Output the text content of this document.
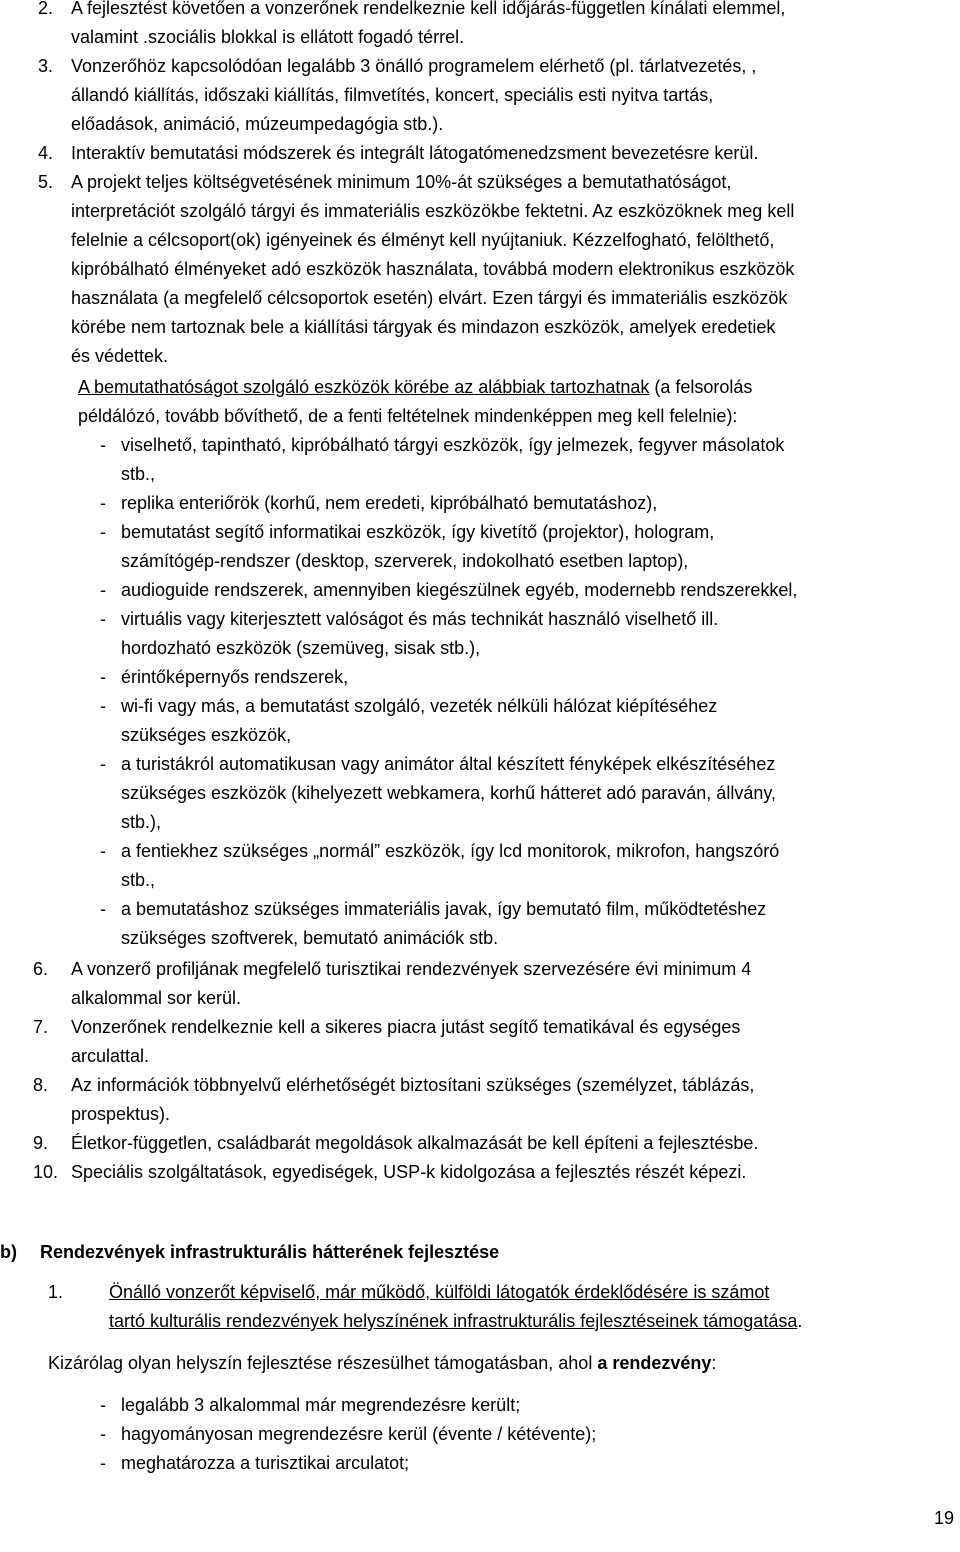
2. A fejlesztést követően a vonzerőnek rendelkeznie kell időjárás-független kínálati elemmel,
valamint .szociális blokkal is ellátott fogadó térrel.
3. Vonzerőhöz kapcsolódóan legalább 3 önálló programelem elérhető (pl. tárlatvezetés, ,
állandó kiállítás, időszaki kiállítás, filmvetítés, koncert, speciális esti nyitva tartás,
előadások, animáció, múzeumpedagógia stb.).
4. Interaktív bemutatási módszerek és integrált látogatómenedzsment bevezetésre kerül.
5. A projekt teljes költségvetésének minimum 10%-át szükséges a bemutathatóságot,
interpretációt szolgáló tárgyi és immateriális eszközökbe fektetni. Az eszközöknek meg kell
felelnie a célcsoport(ok) igényeinek és élményt kell nyújtaniuk. Kézzelfogható, felölthető,
kipróbálható élményeket adó eszközök használata, továbbá modern elektronikus eszközök
használata (a megfelelő célcsoportok esetén) elvárt. Ezen tárgyi és immateriális eszközök
körébe nem tartoznak bele a kiállítási tárgyak és mindazon eszközök, amelyek eredetiek
és védettek.
A bemutathatóságot szolgáló eszközök körébe az alábbiak tartozhatnak (a felsorolás
példálózó, tovább bővíthető, de a fenti feltételnek mindenképpen meg kell felelnie):
- viselhető, tapintható, kipróbálható tárgyi eszközök, így jelmezek, fegyver másolatok
stb.,
- replika enteriőrök (korhű, nem eredeti, kipróbálható bemutatáshoz),
- bemutatást segítő informatikai eszközök, így kivetítő (projektor), hologram,
számítógép-rendszer (desktop, szerverek, indokolható esetben laptop),
- audioguide rendszerek, amennyiben kiegészülnek egyéb, modernebb rendszerekkel,
- virtuális vagy kiterjesztett valóságot és más technikát használó viselhető ill.
hordozható eszközök (szemüveg, sisak stb.),
- érintőképernyős rendszerek,
- wi-fi vagy más, a bemutatást szolgáló, vezeték nélküli hálózat kiépítéséhez
szükséges eszközök,
- a turistákról automatikusan vagy animátor által készített fényképek elkészítéséhez
szükséges eszközök (kihelyezett webkamera, korhű hátteret adó paraván, állvány,
stb.),
- a fentiekhez szükséges „normál” eszközök, így lcd monitorok, mikrofon, hangszóró
stb.,
- a bemutatáshoz szükséges immateriális javak, így bemutató film, működtetéshez
szükséges szoftverek, bemutató animációk stb.
6. A vonzerő profiljának megfelelő turisztikai rendezvények szervezésére évi minimum 4
alkalommal sor kerül.
7. Vonzerőnek rendelkeznie kell a sikeres piacra jutást segítő tematikával és egységes
arculattal.
8. Az információk többnyelvű elérhetőségét biztosítani szükséges (személyzet, táblázás,
prospektus).
9. Életkor-független, családbarát megoldások alkalmazását be kell építeni a fejlesztésbe.
10. Speciális szolgáltatások, egyediségek, USP-k kidolgozása a fejlesztés részét képezi.
b) Rendezvények infrastrukturális hátterének fejlesztése
1.	Önálló vonzerőt képviselő, már működő, külföldi látogatók érdeklődésére is számot
tartó kulturális rendezvények helyszínének infrastrukturális fejlesztéseinek támogatása.
Kizárólag olyan helyszín fejlesztése részesülhet támogatásban, ahol a rendezvény:
- legalább 3 alkalommal már megrendezésre került;
- hagyományosan megrendezésre kerül (évente / kétévente);
- meghatározza a turisztikai arculatot;
19
